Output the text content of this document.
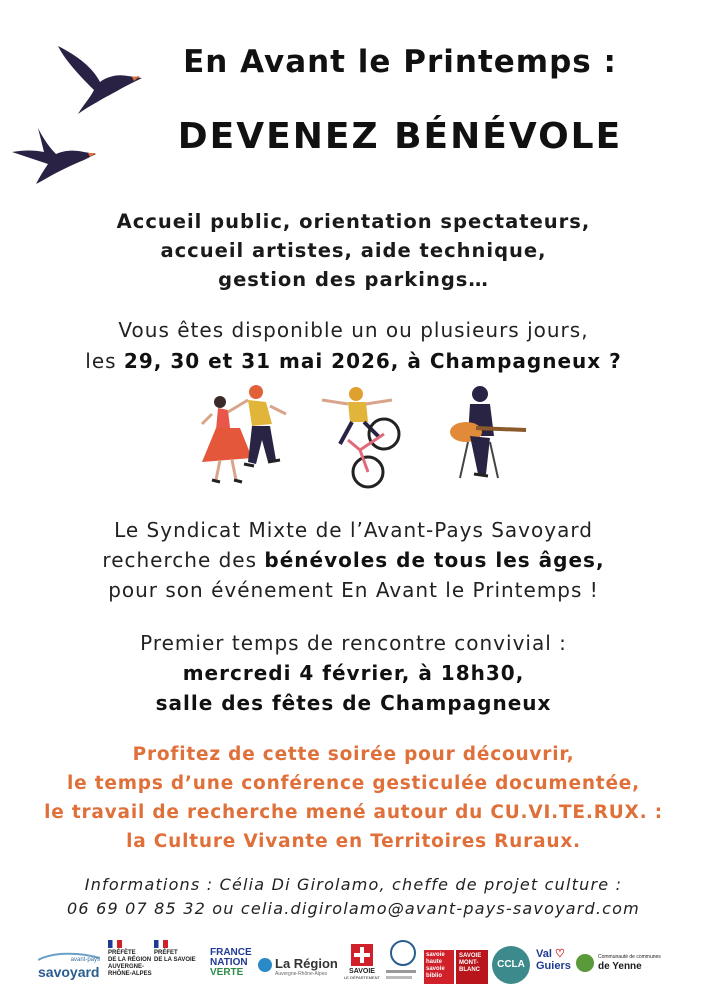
En Avant le Printemps :
DEVENEZ BÉNÉVOLE
Accueil public, orientation spectateurs,
accueil artistes, aide technique,
gestion des parkings…
Vous êtes disponible un ou plusieurs jours,
les 29, 30 et 31 mai 2026, à Champagneux ?
Le Syndicat Mixte de l’Avant-Pays Savoyard
recherche des bénévoles de tous les âges,
pour son événement En Avant le Printemps !
Premier temps de rencontre convivial :
mercredi 4 février, à 18h30,
salle des fêtes de Champagneux
Profitez de cette soirée pour découvrir,
le temps d’une conférence gesticulée documentée,
le travail de recherche mené autour du CU.VI.TE.RUX. :
la Culture Vivante en Territoires Ruraux.
Informations : Célia Di Girolamo, cheffe de projet culture :
06 69 07 85 32 ou celia.digirolamo@avant-pays-savoyard.com
avant-pays
savoyard
PRÉFÈTE
DE LA RÉGION
AUVERGNE-
RHÔNE-ALPES
PRÉFET
DE LA SAVOIE
FRANCE
NATION
VERTE
La Région
Auvergne-Rhône-Alpes	SAVOIE
LE DÉPARTEMENT
savoie
haute
savoie
biblio
SAVOIE
MONT-
BLANC	CCLA
Val ♡
Guiers
Communauté de communes
de Yenne
